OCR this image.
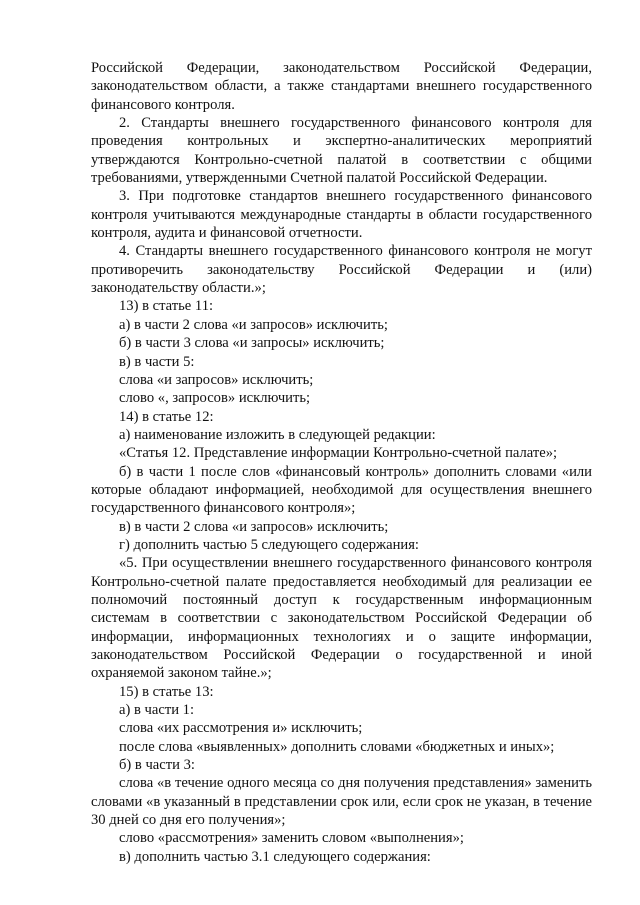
Российской Федерации, законодательством Российской Федерации, законодательством области, а также стандартами внешнего государственного финансового контроля.

2. Стандарты внешнего государственного финансового контроля для проведения контрольных и экспертно-аналитических мероприятий утверждаются Контрольно-счетной палатой в соответствии с общими требованиями, утвержденными Счетной палатой Российской Федерации.

3. При подготовке стандартов внешнего государственного финансового контроля учитываются международные стандарты в области государственного контроля, аудита и финансовой отчетности.

4. Стандарты внешнего государственного финансового контроля не могут противоречить законодательству Российской Федерации и (или) законодательству области.»;

13) в статье 11:

а) в части 2 слова «и запросов» исключить;

б) в части 3 слова «и запросы» исключить;

в) в части 5:

слова «и запросов» исключить;

слово «, запросов» исключить;

14) в статье 12:

а) наименование изложить в следующей редакции:

«Статья 12. Представление информации Контрольно-счетной палате»;

б) в части 1 после слов «финансовый контроль» дополнить словами «или которые обладают информацией, необходимой для осуществления внешнего государственного финансового контроля»;

в) в части 2 слова «и запросов» исключить;

г) дополнить частью 5 следующего содержания:

«5. При осуществлении внешнего государственного финансового контроля Контрольно-счетной палате предоставляется необходимый для реализации ее полномочий постоянный доступ к государственным информационным системам в соответствии с законодательством Российской Федерации об информации, информационных технологиях и о защите информации, законодательством Российской Федерации о государственной и иной охраняемой законом тайне.»;

15) в статье 13:

а) в части 1:

слова «их рассмотрения и» исключить;

после слова «выявленных» дополнить словами «бюджетных и иных»;

б) в части 3:

слова «в течение одного месяца со дня получения представления» заменить словами «в указанный в представлении срок или, если срок не указан, в течение 30 дней со дня его получения»;

слово «рассмотрения» заменить словом «выполнения»;

в) дополнить частью 3.1 следующего содержания:
